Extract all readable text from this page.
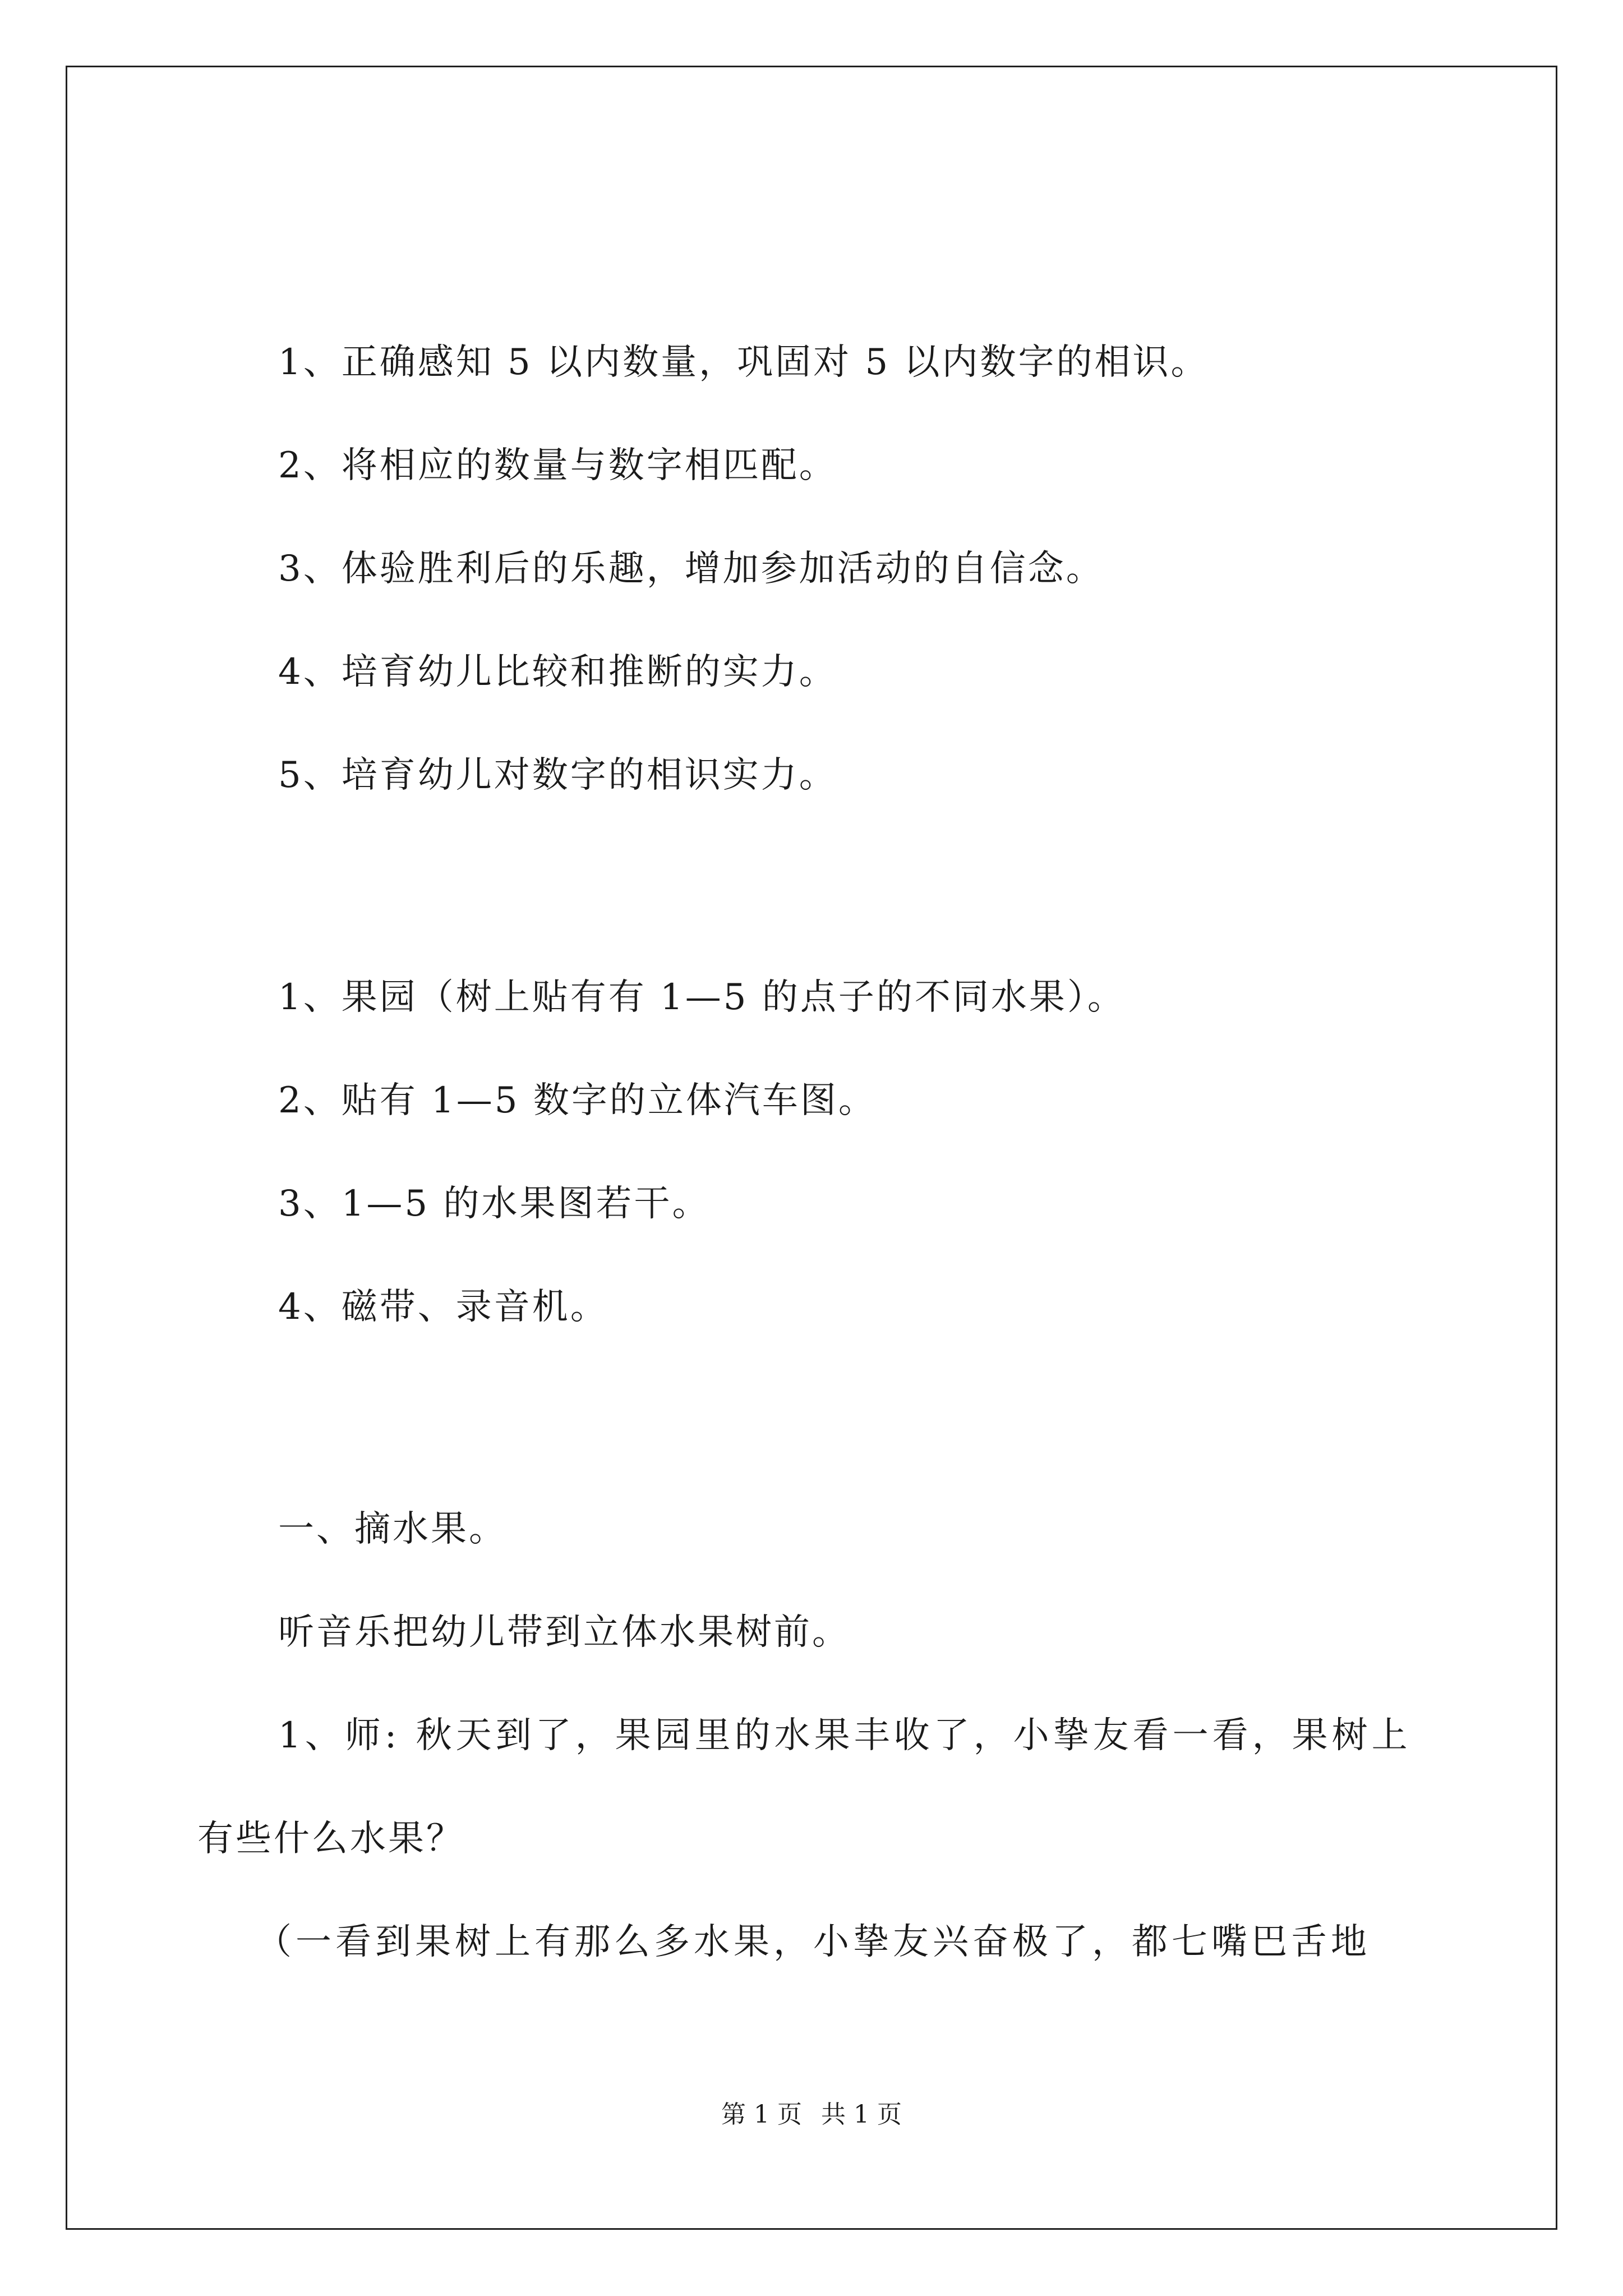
1、正确感知 5 以内数量，巩固对 5 以内数字的相识。
2、将相应的数量与数字相匹配。
3、体验胜利后的乐趣，增加参加活动的自信念。
4、培育幼儿比较和推断的实力。
5、培育幼儿对数字的相识实力。
1、果园（树上贴有有 1—5 的点子的不同水果）。
2、贴有 1—5 数字的立体汽车图。
3、1—5 的水果图若干。
4、磁带、录音机。
一、摘水果。
听音乐把幼儿带到立体水果树前。
1、师: 秋天到了，果园里的水果丰收了，小挚友看一看，果树上
有些什么水果？
（一看到果树上有那么多水果，小挚友兴奋极了，都七嘴巴舌地
第 1 页 共 1 页
